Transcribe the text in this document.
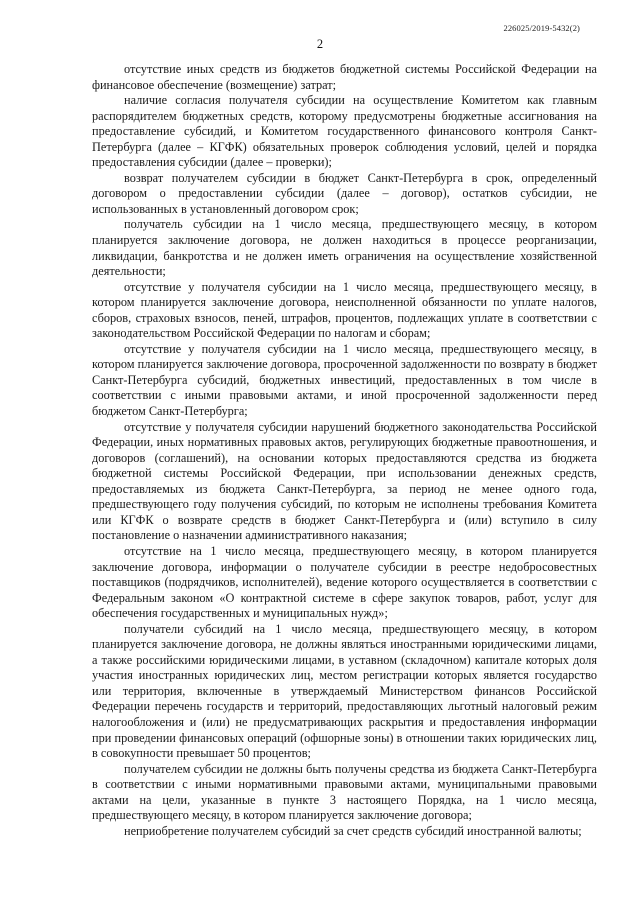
226025/2019-5432(2)
2

отсутствие иных средств из бюджетов бюджетной системы Российской Федерации на финансовое обеспечение (возмещение) затрат;

наличие согласия получателя субсидии на осуществление Комитетом как главным распорядителем бюджетных средств, которому предусмотрены бюджетные ассигнования на предоставление субсидий, и Комитетом государственного финансового контроля Санкт-Петербурга (далее – КГФК) обязательных проверок соблюдения условий, целей и порядка предоставления субсидии (далее – проверки);

возврат получателем субсидии в бюджет Санкт-Петербурга в срок, определенный договором о предоставлении субсидии (далее – договор), остатков субсидии, не использованных в установленный договором срок;

получатель субсидии на 1 число месяца, предшествующего месяцу, в котором планируется заключение договора, не должен находиться в процессе реорганизации, ликвидации, банкротства и не должен иметь ограничения на осуществление хозяйственной деятельности;

отсутствие у получателя субсидии на 1 число месяца, предшествующего месяцу, в котором планируется заключение договора, неисполненной обязанности по уплате налогов, сборов, страховых взносов, пеней, штрафов, процентов, подлежащих уплате в соответствии с законодательством Российской Федерации по налогам и сборам;

отсутствие у получателя субсидии на 1 число месяца, предшествующего месяцу, в котором планируется заключение договора, просроченной задолженности по возврату в бюджет Санкт-Петербурга субсидий, бюджетных инвестиций, предоставленных в том числе в соответствии с иными правовыми актами, и иной просроченной задолженности перед бюджетом Санкт-Петербурга;

отсутствие у получателя субсидии нарушений бюджетного законодательства Российской Федерации, иных нормативных правовых актов, регулирующих бюджетные правоотношения, и договоров (соглашений), на основании которых предоставляются средства из бюджета бюджетной системы Российской Федерации, при использовании денежных средств, предоставляемых из бюджета Санкт-Петербурга, за период не менее одного года, предшествующего году получения субсидий, по которым не исполнены требования Комитета или КГФК о возврате средств в бюджет Санкт-Петербурга и (или) вступило в силу постановление о назначении административного наказания;

отсутствие на 1 число месяца, предшествующего месяцу, в котором планируется заключение договора, информации о получателе субсидии в реестре недобросовестных поставщиков (подрядчиков, исполнителей), ведение которого осуществляется в соответствии с Федеральным законом «О контрактной системе в сфере закупок товаров, работ, услуг для обеспечения государственных и муниципальных нужд»;

получатели субсидий на 1 число месяца, предшествующего месяцу, в котором планируется заключение договора, не должны являться иностранными юридическими лицами, а также российскими юридическими лицами, в уставном (складочном) капитале которых доля участия иностранных юридических лиц, местом регистрации которых является государство или территория, включенные в утверждаемый Министерством финансов Российской Федерации перечень государств и территорий, предоставляющих льготный налоговый режим налогообложения и (или) не предусматривающих раскрытия и предоставления информации при проведении финансовых операций (офшорные зоны) в отношении таких юридических лиц, в совокупности превышает 50 процентов;

получателем субсидии не должны быть получены средства из бюджета Санкт-Петербурга в соответствии с иными нормативными правовыми актами, муниципальными правовыми актами на цели, указанные в пункте 3 настоящего Порядка, на 1 число месяца, предшествующего месяцу, в котором планируется заключение договора;

неприобретение получателем субсидий за счет средств субсидий иностранной валюты;
